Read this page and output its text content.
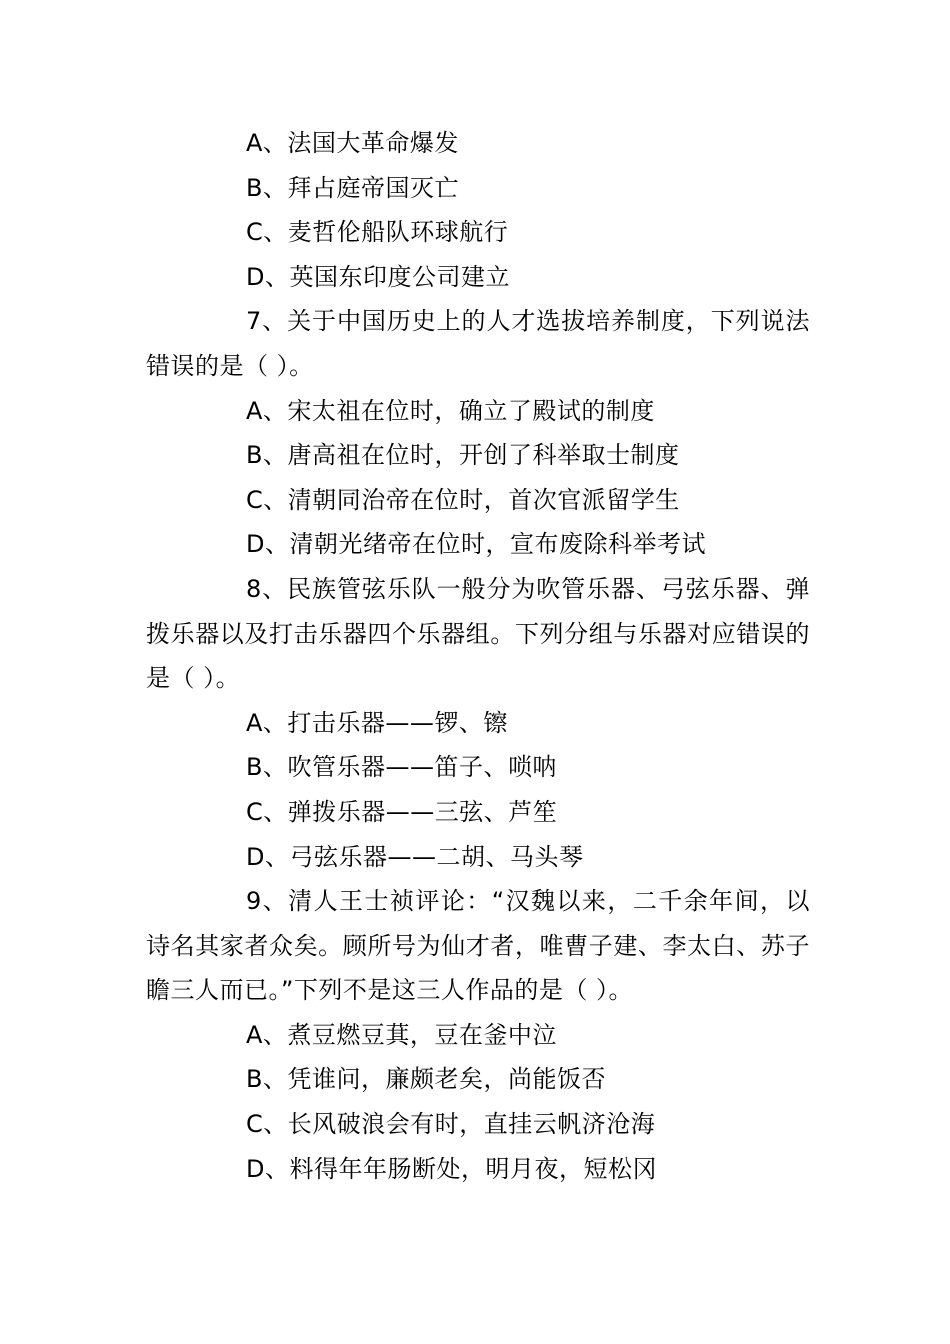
A、法国大革命爆发

B、拜占庭帝国灭亡

C、麦哲伦船队环球航行

D、英国东印度公司建立

7、关于中国历史上的人才选拔培养制度，下列说法错误的是（ ）。

A、宋太祖在位时，确立了殿试的制度

B、唐高祖在位时，开创了科举取士制度

C、清朝同治帝在位时，首次官派留学生

D、清朝光绪帝在位时，宣布废除科举考试

8、民族管弦乐队一般分为吹管乐器、弓弦乐器、弹拨乐器以及打击乐器四个乐器组。下列分组与乐器对应错误的是（ ）。

A、打击乐器——锣、镲

B、吹管乐器——笛子、唢呐

C、弹拨乐器——三弦、芦笙

D、弓弦乐器——二胡、马头琴

9、清人王士祯评论：“汉魏以来，二千余年间，以诗名其家者众矣。顾所号为仙才者，唯曹子建、李太白、苏子瞻三人而已。”下列不是这三人作品的是（ ）。

A、煮豆燃豆萁，豆在釜中泣

B、凭谁问，廉颇老矣，尚能饭否

C、长风破浪会有时，直挂云帆济沧海

D、料得年年肠断处，明月夜，短松冈
